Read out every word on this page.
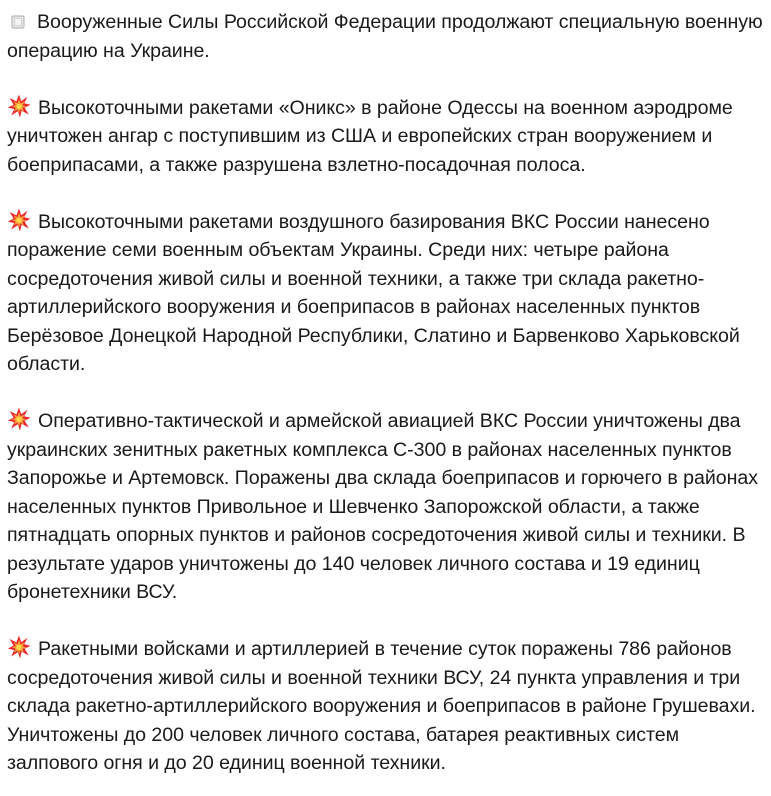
Вооруженные Силы Российской Федерации продолжают специальную военную операцию на Украине.

Высокоточными ракетами «Оникс» в районе Одессы на военном аэродроме уничтожен ангар с поступившим из США и европейских стран вооружением и боеприпасами, а также разрушена взлетно-посадочная полоса.

Высокоточными ракетами воздушного базирования ВКС России нанесено поражение семи военным объектам Украины. Среди них: четыре района сосредоточения живой силы и военной техники, а также три склада ракетно-артиллерийского вооружения и боеприпасов в районах населенных пунктов Берёзовое Донецкой Народной Республики, Слатино и Барвенково Харьковской области.

Оперативно-тактической и армейской авиацией ВКС России уничтожены два украинских зенитных ракетных комплекса С-300 в районах населенных пунктов Запорожье и Артемовск. Поражены два склада боеприпасов и горючего в районах населенных пунктов Привольное и Шевченко Запорожской области, а также пятнадцать опорных пунктов и районов сосредоточения живой силы и техники. В результате ударов уничтожены до 140 человек личного состава и 19 единиц бронетехники ВСУ.

Ракетными войсками и артиллерией в течение суток поражены 786 районов сосредоточения живой силы и военной техники ВСУ, 24 пункта управления и три склада ракетно-артиллерийского вооружения и боеприпасов в районе Грушевахи. Уничтожены до 200 человек личного состава, батарея реактивных систем залпового огня и до 20 единиц военной техники.
